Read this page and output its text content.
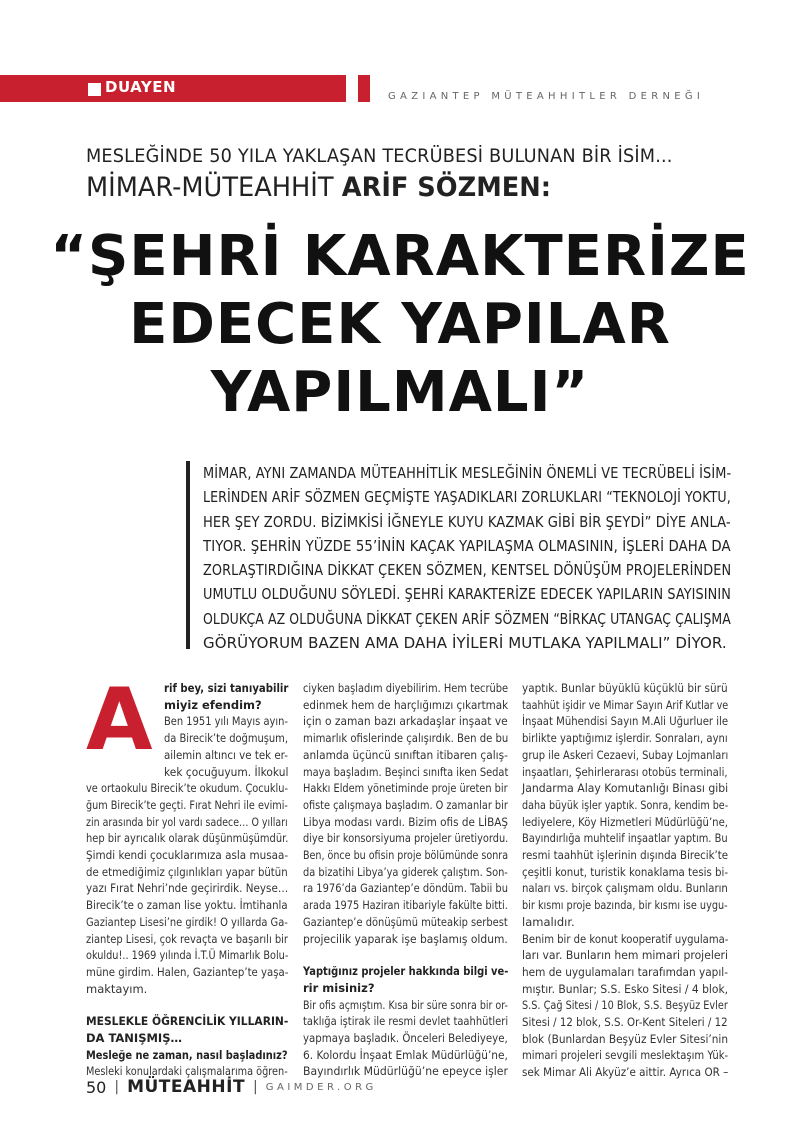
DUAYEN
GAZIANTEP MÜTEAHHITLER DERNEĞI
MESLEĞİNDE 50 YILA YAKLAŞAN TECRÜBESİ BULUNAN BİR İSİM...
MİMAR-MÜTEAHHİT ARİF SÖZMEN:
“ŞEHRİ KARAKTERİZE
EDECEK YAPILAR
YAPILMALI”
MİMAR, AYNI ZAMANDA MÜTEAHHİTLİK MESLEĞİNİN ÖNEMLİ VE TECRÜBELİ İSİM-
LERİNDEN ARİF SÖZMEN GEÇMİŞTE YAŞADIKLARI ZORLUKLARI “TEKNOLOJİ YOKTU,
HER ŞEY ZORDU. BİZİMKİSİ İĞNEYLE KUYU KAZMAK GİBİ BİR ŞEYDİ” DİYE ANLA-
TIYOR. ŞEHRİN YÜZDE 55’İNİN KAÇAK YAPILAŞMA OLMASININ, İŞLERİ DAHA DA
ZORLAŞTIRDIĞINA DİKKAT ÇEKEN SÖZMEN, KENTSEL DÖNÜŞÜM PROJELERİNDEN
UMUTLU OLDUĞUNU SÖYLEDİ. ŞEHRİ KARAKTERİZE EDECEK YAPILARIN SAYISININ
OLDUKÇA AZ OLDUĞUNA DİKKAT ÇEKEN ARİF SÖZMEN “BİRKAÇ UTANGAÇ ÇALIŞMA
GÖRÜYORUM BAZEN AMA DAHA İYİLERİ MUTLAKA YAPILMALI” DİYOR.
A rif bey, sizi tanıyabilir
miyiz efendim?
Ben 1951 yılı Mayıs ayın-
da Birecik’te doğmuşum,
ailemin altıncı ve tek er-
kek çocuğuyum. İlkokul
ve ortaokulu Birecik’te okudum. Çocuklu-
ğum Birecik’te geçti. Fırat Nehri ile evimi-
zin arasında bir yol vardı sadece… O yılları
hep bir ayrıcalık olarak düşünmüşümdür.
Şimdi kendi çocuklarımıza asla musaa-
de etmediğimiz çılgınlıkları yapar bütün
yazı Fırat Nehri’nde geçirirdik. Neyse…
Birecik’te o zaman lise yoktu. İmtihanla
Gaziantep Lisesi’ne girdik! O yıllarda Ga-
ziantep Lisesi, çok revaçta ve başarılı bir
okuldu!.. 1969 yılında İ.T.Ü Mimarlık Bolu-
müne girdim. Halen, Gaziantep’te yaşa-
maktayım.
MESLEKLE ÖĞRENCİLİK YILLARIN-
DA TANIŞMIŞ…
Mesleğe ne zaman, nasıl başladınız?
Mesleki konulardaki çalışmalarıma öğren-
ciyken başladım diyebilirim. Hem tecrübe
edinmek hem de harçlığımızı çıkartmak
için o zaman bazı arkadaşlar inşaat ve
mimarlık ofislerinde çalışırdık. Ben de bu
anlamda üçüncü sınıftan itibaren çalış-
maya başladım. Beşinci sınıfta iken Sedat
Hakkı Eldem yönetiminde proje üreten bir
ofiste çalışmaya başladım. O zamanlar bir
Libya modası vardı. Bizim ofis de LİBAŞ
diye bir konsorsiyuma projeler üretiyordu.
Ben, önce bu ofisin proje bölümünde sonra
da bizatihi Libya’ya giderek çalıştım. Son-
ra 1976’da Gaziantep’e döndüm. Tabii bu
arada 1975 Haziran itibariyle fakülte bitti.
Gaziantep’e dönüşümü müteakip serbest
projecilik yaparak işe başlamış oldum.
Yaptığınız projeler hakkında bilgi ve-
rir misiniz?
Bir ofis açmıştım. Kısa bir süre sonra bir or-
taklığa iştirak ile resmi devlet taahhütleri
yapmaya başladık. Önceleri Belediyeye,
6. Kolordu İnşaat Emlak Müdürlüğü’ne,
Bayındırlık Müdürlüğü’ne epeyce işler
yaptık. Bunlar büyüklü küçüklü bir sürü
taahhüt işidir ve Mimar Sayın Arif Kutlar ve
İnşaat Mühendisi Sayın M.Ali Uğurluer ile
birlikte yaptığımız işlerdir. Sonraları, aynı
grup ile Askeri Cezaevi, Subay Lojmanları
inşaatları, Şehirlerarası otobüs terminali,
Jandarma Alay Komutanlığı Binası gibi
daha büyük işler yaptık. Sonra, kendim be-
lediyelere, Köy Hizmetleri Müdürlüğü’ne,
Bayındırlığa muhtelif inşaatlar yaptım. Bu
resmi taahhüt işlerinin dışında Birecik’te
çeşitli konut, turistik konaklama tesis bi-
naları vs. birçok çalışmam oldu. Bunların
bir kısmı proje bazında, bir kısmı ise uygu-
lamalıdır.
Benim bir de konut kooperatif uygulama-
ları var. Bunların hem mimari projeleri
hem de uygulamaları tarafımdan yapıl-
mıştır. Bunlar; S.S. Esko Sitesi / 4 blok,
S.S. Çağ Sitesi / 10 Blok, S.S. Beşyüz Evler
Sitesi / 12 blok, S.S. Or-Kent Siteleri / 12
blok (Bunlardan Beşyüz Evler Sitesi’nin
mimari projeleri sevgili meslektaşım Yük-
sek Mimar Ali Akyüz’e aittir. Ayrıca OR –
50 | MÜTEAHHİT | GAIMDER.ORG
